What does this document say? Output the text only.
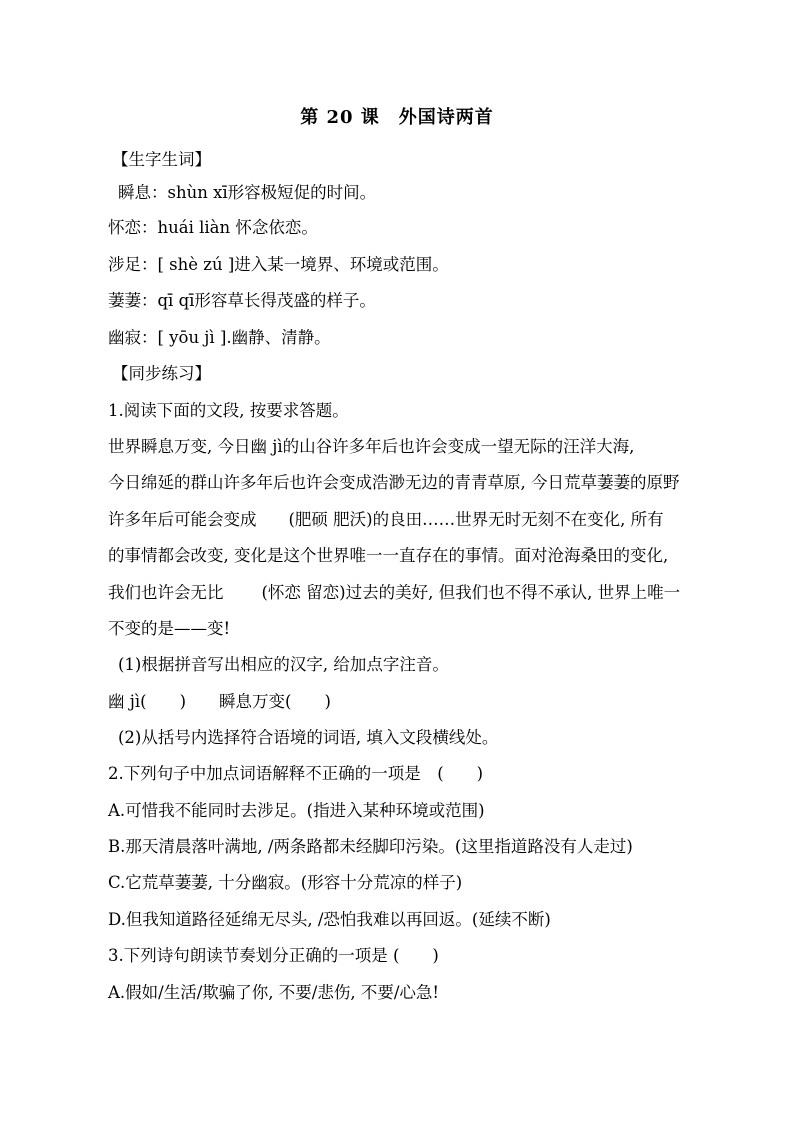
第 20 课　外国诗两首
【生字生词】
瞬息：shùn xī形容极短促的时间。
怀恋：huái liàn 怀念依恋。
涉足：[ shè zú ]进入某一境界、环境或范围。
萋萋：qī qī形容草长得茂盛的样子。
幽寂：[ yōu jì ].幽静、清静。
【同步练习】
1.阅读下面的文段, 按要求答题。
世界瞬息万变, 今日幽 jì的山谷许多年后也许会变成一望无际的汪洋大海,
今日绵延的群山许多年后也许会变成浩渺无边的青青草原, 今日荒草萋萋的原野
许多年后可能会变成 (肥硕 肥沃)的良田……世界无时无刻不在变化, 所有
的事情都会改变, 变化是这个世界唯一一直存在的事情。面对沧海桑田的变化,
我们也许会无比 (怀恋 留恋)过去的美好, 但我们也不得不承认, 世界上唯一
不变的是——变!
(1)根据拼音写出相应的汉字, 给加点字注音。
幽 jì(　　)　　瞬息万变(　　)
(2)从括号内选择符合语境的词语, 填入文段横线处。
2.下列句子中加点词语解释不正确的一项是　(　　)
A.可惜我不能同时去涉足。(指进入某种环境或范围)
B.那天清晨落叶满地, /两条路都未经脚印污染。(这里指道路没有人走过)
C.它荒草萋萋, 十分幽寂。(形容十分荒凉的样子)
D.但我知道路径延绵无尽头, /恐怕我难以再回返。(延续不断)
3.下列诗句朗读节奏划分正确的一项是 (　　)
A.假如/生活/欺骗了你, 不要/悲伤, 不要/心急!
